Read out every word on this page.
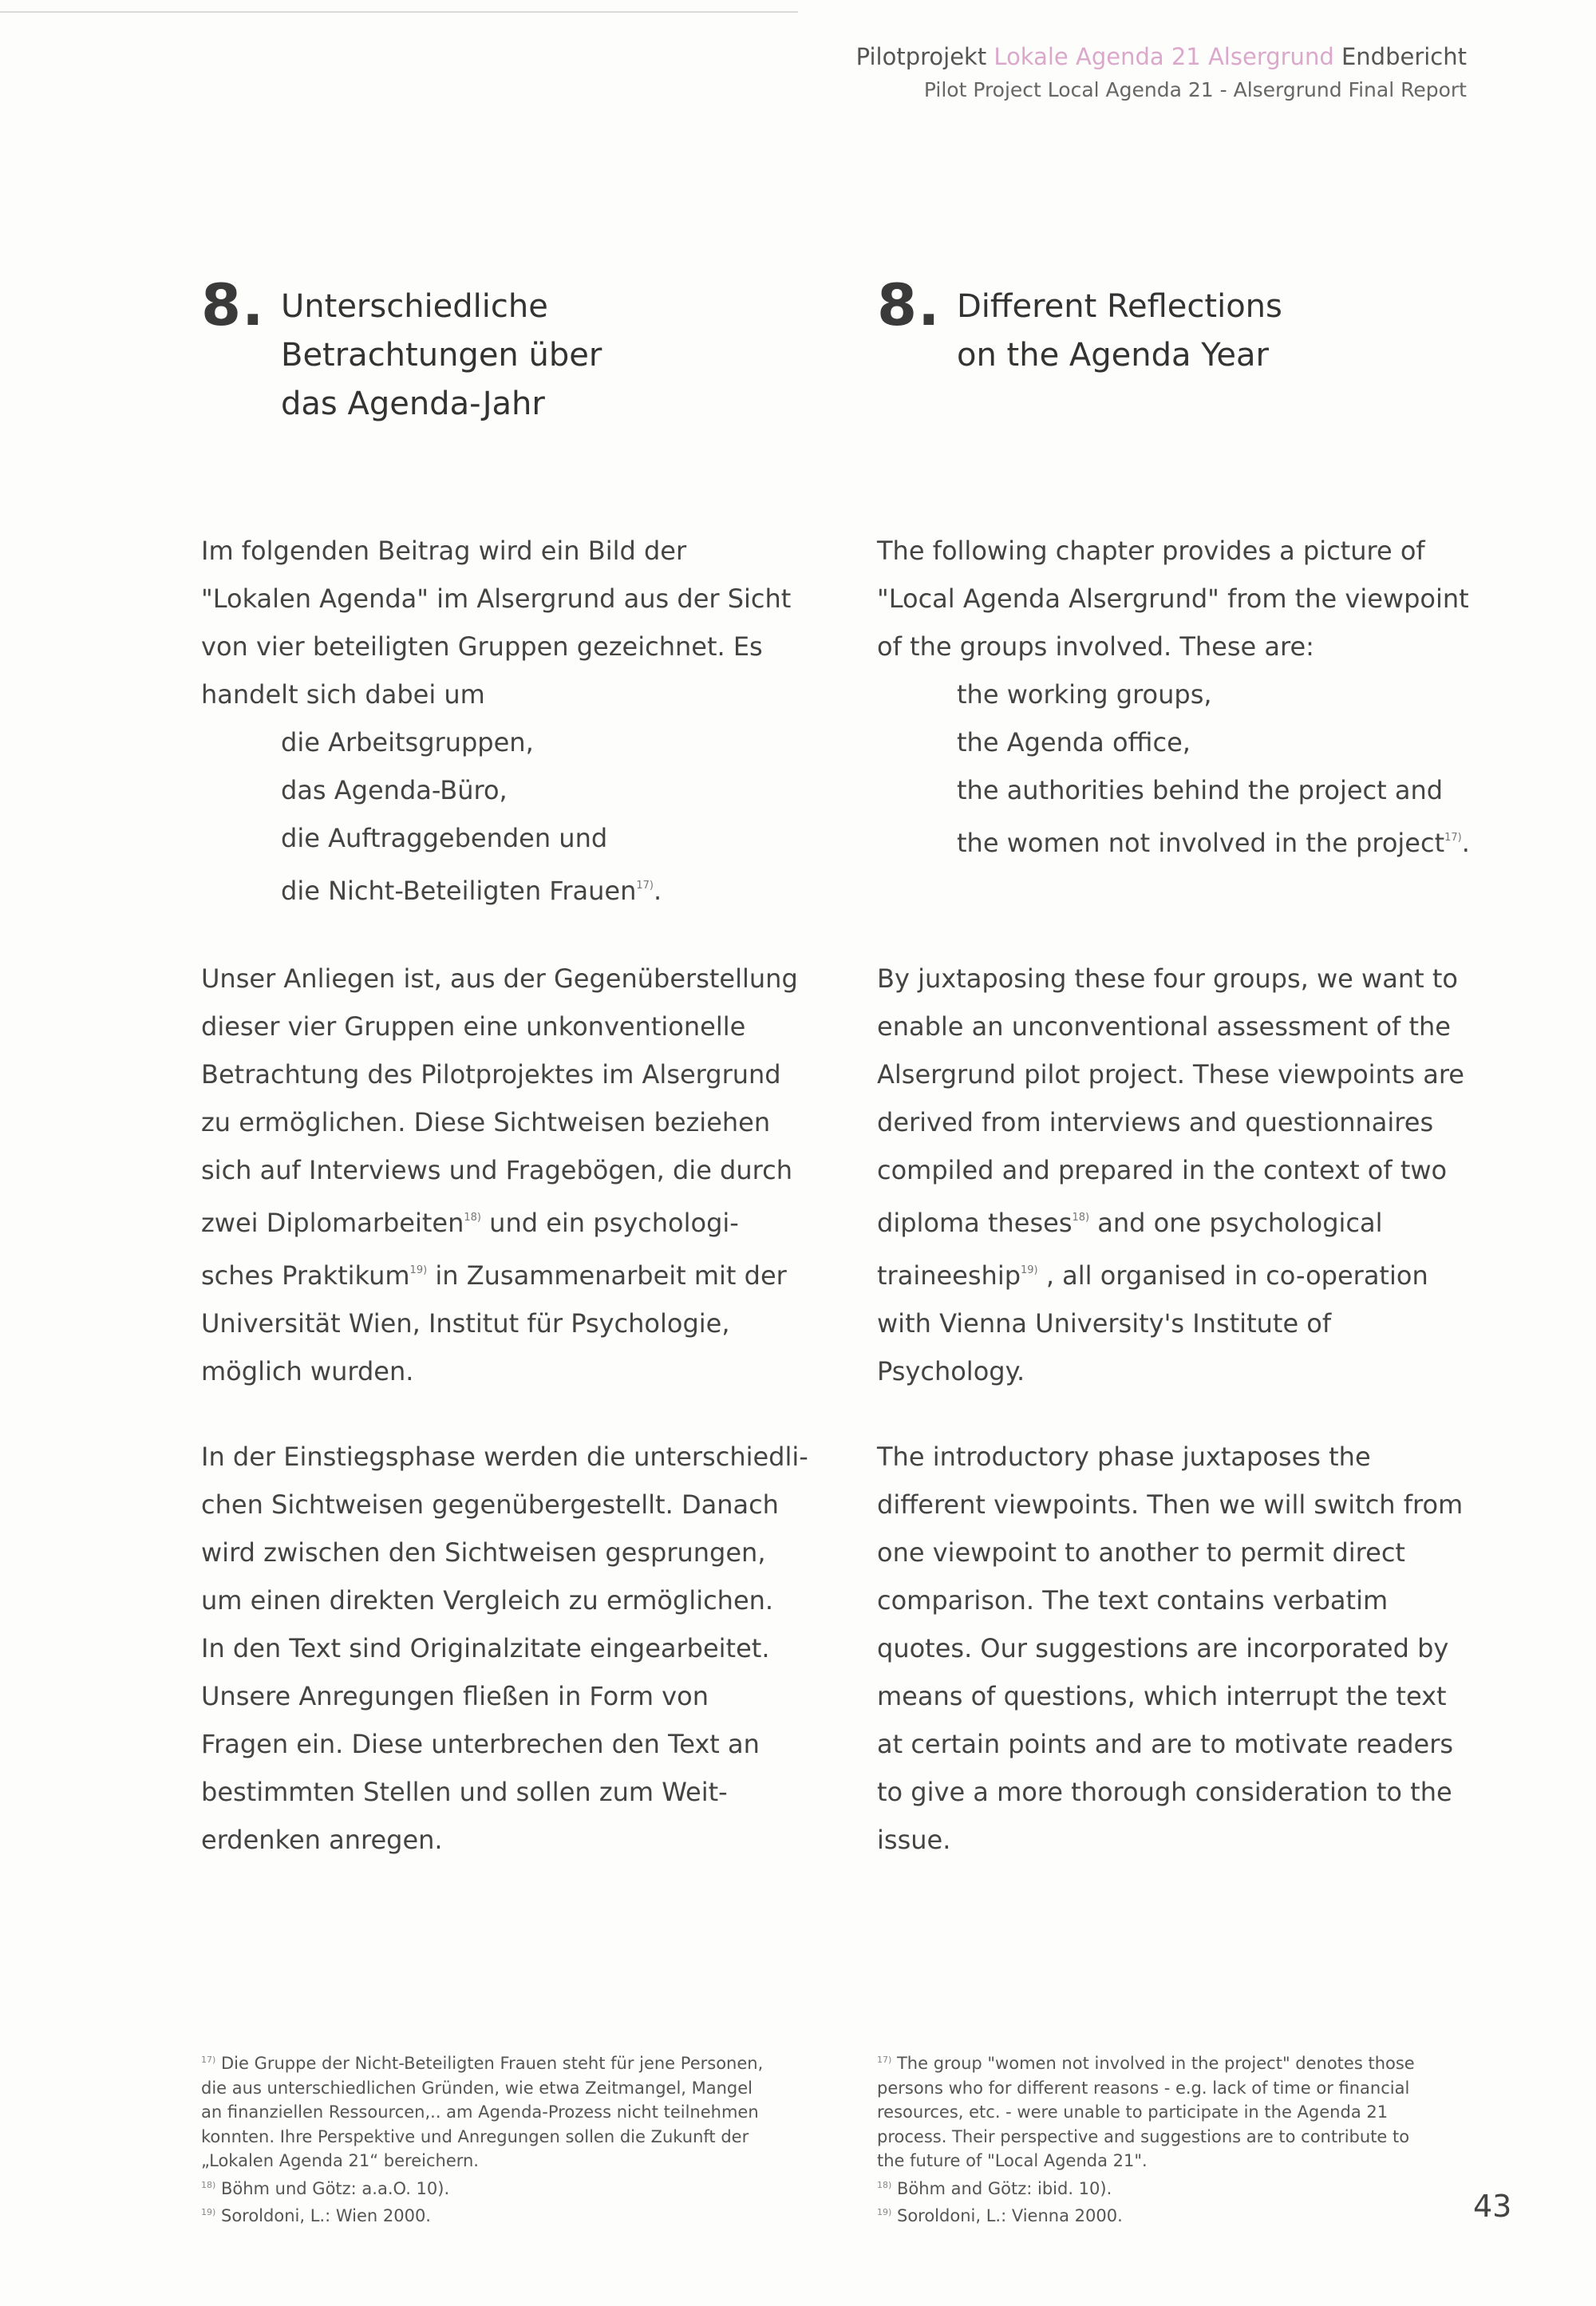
Pilotprojekt Lokale Agenda 21 Alsergrund Endbericht
Pilot Project Local Agenda 21 - Alsergrund Final Report
8. Unterschiedliche
Betrachtungen über
das Agenda-Jahr
Im folgenden Beitrag wird ein Bild der
"Lokalen Agenda" im Alsergrund aus der Sicht
von vier beteiligten Gruppen gezeichnet. Es
handelt sich dabei um
die Arbeitsgruppen,
das Agenda-Büro,
die Auftraggebenden und
die Nicht-Beteiligten Frauen$^{17)}$.
Unser Anliegen ist, aus der Gegenüberstellung
dieser vier Gruppen eine unkonventionelle
Betrachtung des Pilotprojektes im Alsergrund
zu ermöglichen. Diese Sichtweisen beziehen
sich auf Interviews und Fragebögen, die durch
zwei Diplomarbeiten$^{18)}$ und ein psychologi-
sches Praktikum$^{19)}$ in Zusammenarbeit mit der
Universität Wien, Institut für Psychologie,
möglich wurden.
In der Einstiegsphase werden die unterschiedli-
chen Sichtweisen gegenübergestellt. Danach
wird zwischen den Sichtweisen gesprungen,
um einen direkten Vergleich zu ermöglichen.
In den Text sind Originalzitate eingearbeitet.
Unsere Anregungen fließen in Form von
Fragen ein. Diese unterbrechen den Text an
bestimmten Stellen und sollen zum Weit-
erdenken anregen.
$^{17)}$ Die Gruppe der Nicht-Beteiligten Frauen steht für jene Personen,
die aus unterschiedlichen Gründen, wie etwa Zeitmangel, Mangel
an finanziellen Ressourcen,.. am Agenda-Prozess nicht teilnehmen
konnten. Ihre Perspektive und Anregungen sollen die Zukunft der
„Lokalen Agenda 21“ bereichern.
$^{18)}$ Böhm und Götz: a.a.O. 10).
$^{19)}$ Soroldoni, L.: Wien 2000.
8. Different Reflections
on the Agenda Year
The following chapter provides a picture of
"Local Agenda Alsergrund" from the viewpoint
of the groups involved. These are:
the working groups,
the Agenda office,
the authorities behind the project and
the women not involved in the project$^{17)}$.
By juxtaposing these four groups, we want to
enable an unconventional assessment of the
Alsergrund pilot project. These viewpoints are
derived from interviews and questionnaires
compiled and prepared in the context of two
diploma theses$^{18)}$ and one psychological
traineeship$^{19)}$ , all organised in co-operation
with Vienna University's Institute of
Psychology.
The introductory phase juxtaposes the
different viewpoints. Then we will switch from
one viewpoint to another to permit direct
comparison. The text contains verbatim
quotes. Our suggestions are incorporated by
means of questions, which interrupt the text
at certain points and are to motivate readers
to give a more thorough consideration to the
issue.
$^{17)}$ The group "women not involved in the project" denotes those
persons who for different reasons - e.g. lack of time or financial
resources, etc. - were unable to participate in the Agenda 21
process. Their perspective and suggestions are to contribute to
the future of "Local Agenda 21".
$^{18)}$ Böhm and Götz: ibid. 10).
$^{19)}$ Soroldoni, L.: Vienna 2000.	43
